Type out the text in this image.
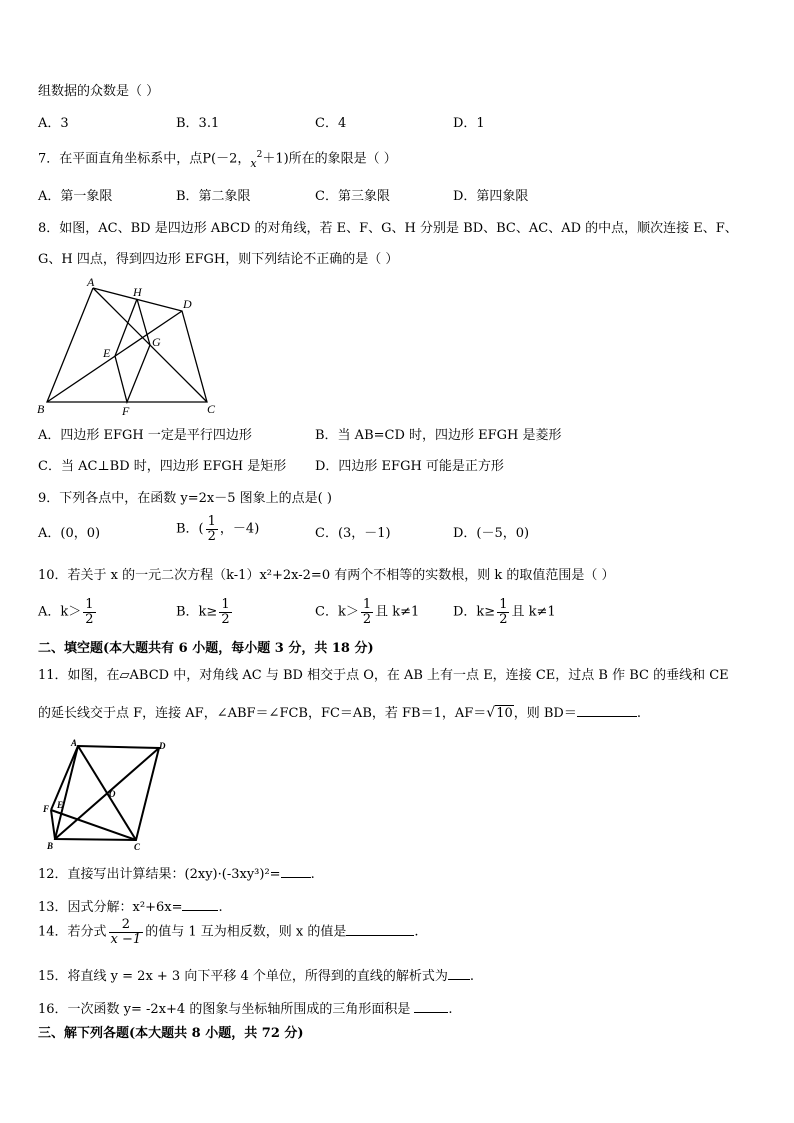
组数据的众数是（ ）
A．3	B．3.1	C．4	D．1
7．在平面直角坐标系中，点P(－2，$_x^2$＋1)所在的象限是（ ）
A．第一象限	B．第二象限	C．第三象限	D．第四象限
8．如图，AC、BD 是四边形 ABCD 的对角线，若 E、F、G、H 分别是 BD、BC、AC、AD 的中点，顺次连接 E、F、
G、H 四点，得到四边形 EFGH，则下列结论不正确的是（ ）
A
H
D
E
G
B	F	C
A．四边形 EFGH 一定是平行四边形	B．当 AB=CD 时，四边形 EFGH 是菱形
C．当 AC⊥BD 时，四边形 EFGH 是矩形 D．四边形 EFGH 可能是正方形
9．下列各点中，在函数 y=2x－5 图象上的点是( )
A．(0，0)	B．( $\frac{1}{2}$ ，－4)	C．(3，－1)	D．(－5，0)
10．若关于 x 的一元二次方程（k-1）x²+2x-2=0 有两个不相等的实数根，则 k 的取值范围是（ ）
A．$k> \frac{1}{2}$	B．$k\ge \frac{1}{2}$	C．$k> \frac{1}{2}$ 且 k≠1	D．$k\ge \frac{1}{2}$ 且 k≠1
二、填空题(本大题共有 6 小题，每小题 3 分，共 18 分)
11．如图，在▱ABCD 中，对角线 AC 与 BD 相交于点 O，在 AB 上有一点 E，连接 CE，过点 B 作 BC 的垂线和 CE
的延长线交于点 F，连接 AF，∠ABF＝∠FCB，FC＝AB，若 FB＝1，AF＝√10，则 BD＝	.
A	D
F E
O
B	C
12．直接写出计算结果：(2xy)·(-3xy³)²= .
13．因式分解：x²+6x=	.
14．若分式 $\frac{2}{x -1}$ 的值与 1 互为相反数，则 x 的值是	.
15．将直线 y = 2x + 3 向下平移 4 个单位，所得到的直线的解析式为 .
16．一次函数 y= -2x+4 的图象与坐标轴所围成的三角形面积是	.
三、解下列各题(本大题共 8 小题，共 72 分)
